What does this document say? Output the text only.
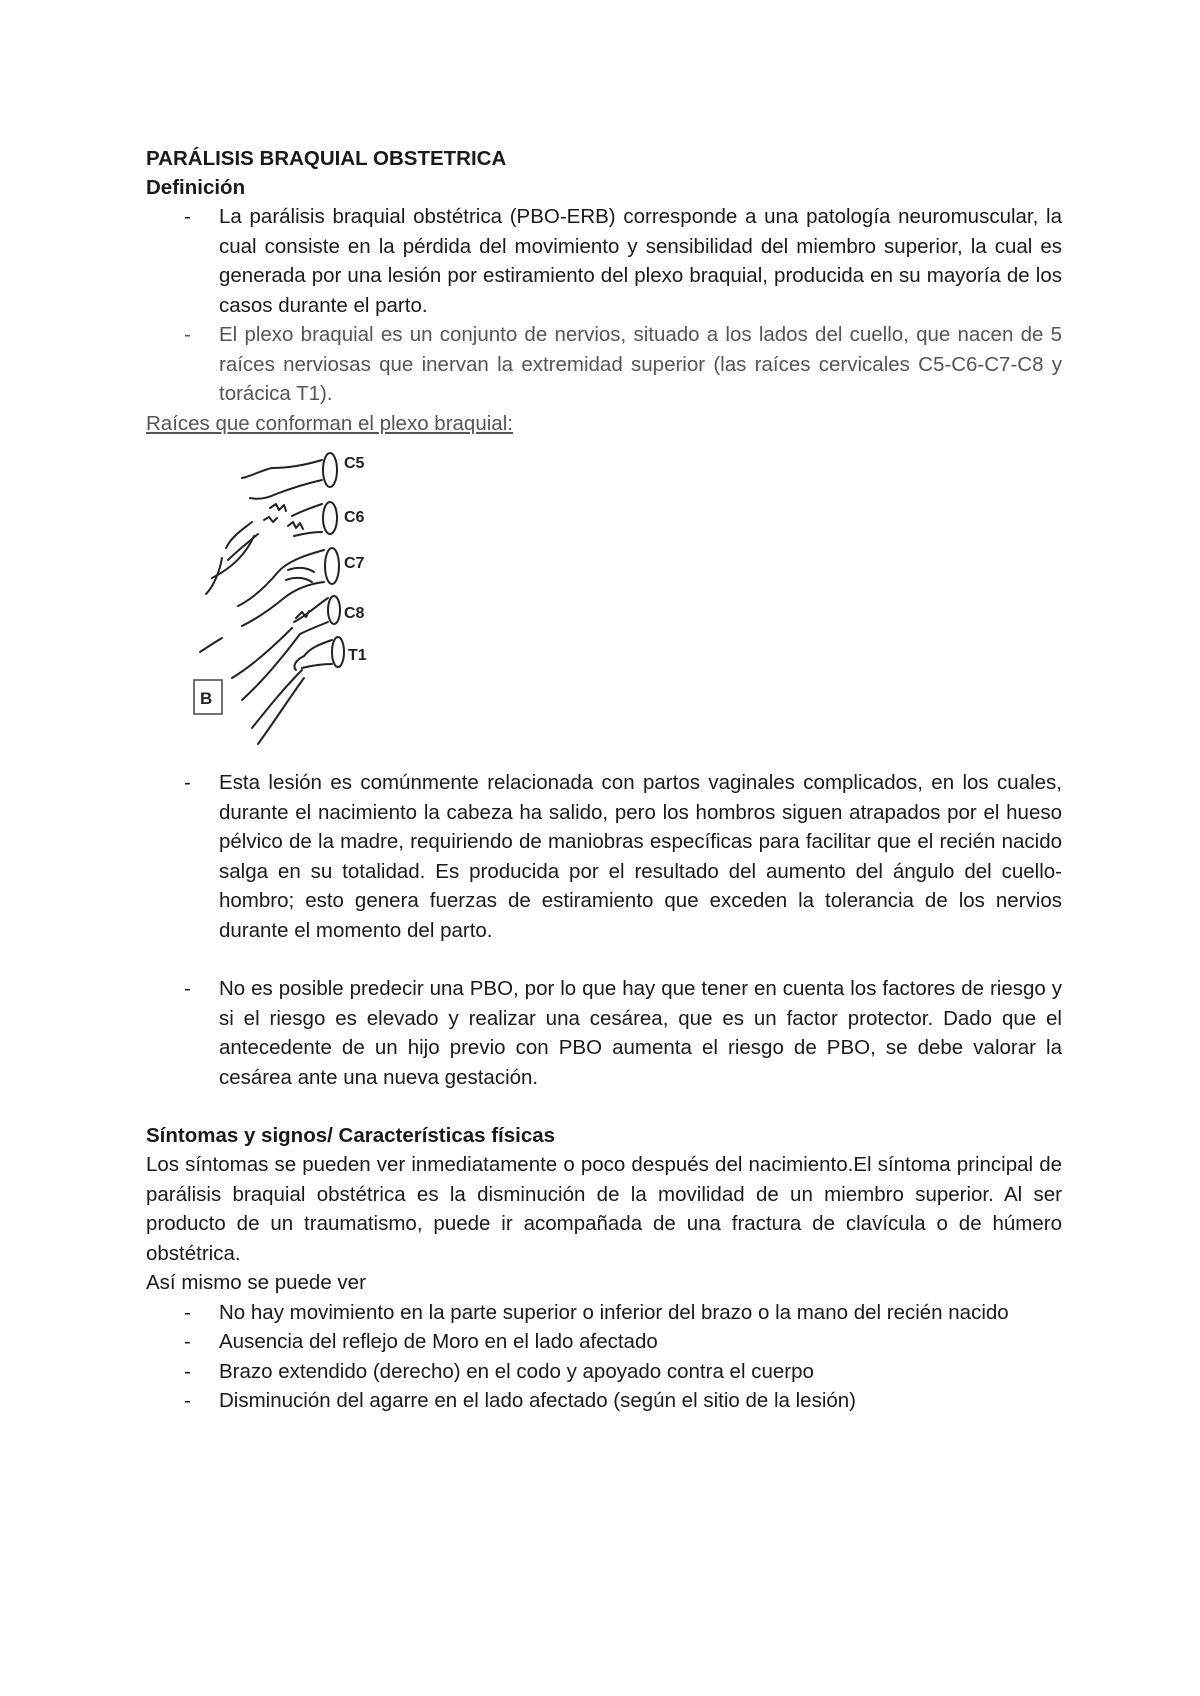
PARÁLISIS BRAQUIAL OBSTETRICA

Definición

- La parálisis braquial obstétrica (PBO-ERB) corresponde a una patología neuromuscular, la cual consiste en la pérdida del movimiento y sensibilidad del miembro superior, la cual es generada por una lesión por estiramiento del plexo braquial, producida en su mayoría de los casos durante el parto.
- El plexo braquial es un conjunto de nervios, situado a los lados del cuello, que nacen de 5 raíces nerviosas que inervan la extremidad superior (las raíces cervicales C5-C6-C7-C8 y torácica T1).

Raíces que conforman el plexo braquial:

C5
C6
C7
C8
T1
B
- Esta lesión es comúnmente relacionada con partos vaginales complicados, en los cuales, durante el nacimiento la cabeza ha salido, pero los hombros siguen atrapados por el hueso pélvico de la madre, requiriendo de maniobras específicas para facilitar que el recién nacido salga en su totalidad. Es producida por el resultado del aumento del ángulo del cuello-hombro; esto genera fuerzas de estiramiento que exceden la tolerancia de los nervios durante el momento del parto.
- No es posible predecir una PBO, por lo que hay que tener en cuenta los factores de riesgo y si el riesgo es elevado y realizar una cesárea, que es un factor protector. Dado que el antecedente de un hijo previo con PBO aumenta el riesgo de PBO, se debe valorar la cesárea ante una nueva gestación.

Síntomas y signos/ Características físicas

Los síntomas se pueden ver inmediatamente o poco después del nacimiento.El síntoma principal de parálisis braquial obstétrica es la disminución de la movilidad de un miembro superior. Al ser producto de un traumatismo, puede ir acompañada de una fractura de clavícula o de húmero obstétrica.

Así mismo se puede ver

- No hay movimiento en la parte superior o inferior del brazo o la mano del recién nacido
- Ausencia del reflejo de Moro en el lado afectado
- Brazo extendido (derecho) en el codo y apoyado contra el cuerpo
- Disminución del agarre en el lado afectado (según el sitio de la lesión)
